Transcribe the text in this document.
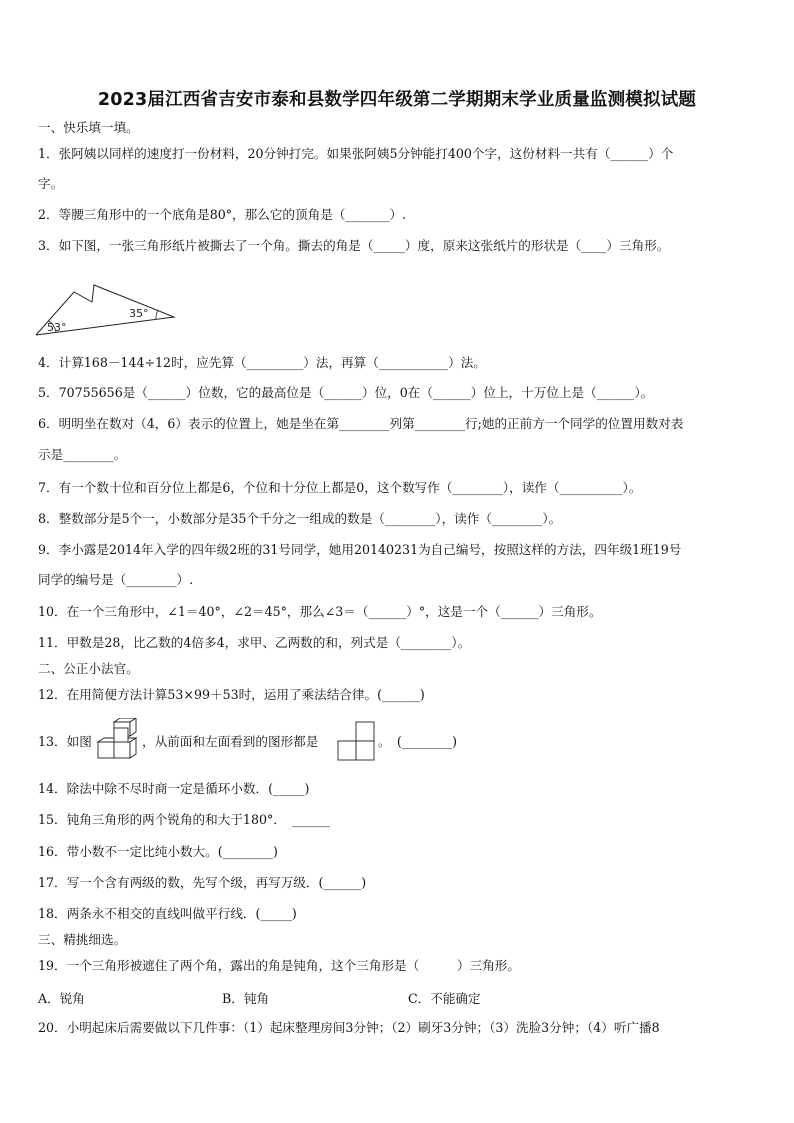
2023届江西省吉安市泰和县数学四年级第二学期期末学业质量监测模拟试题
一、快乐填一填。
1．张阿姨以同样的速度打一份材料，20分钟打完。如果张阿姨5分钟能打400个字，这份材料一共有（______）个
字。
2．等腰三角形中的一个底角是80°，那么它的顶角是（_______）.
3．如下图，一张三角形纸片被撕去了一个角。撕去的角是（_____）度，原来这张纸片的形状是（____）三角形。
53°
35°
4．计算168－144÷12时，应先算（_________）法，再算（___________）法。
5．70755656是（______）位数，它的最高位是（______）位，0在（______）位上，十万位上是（______）。
6．明明坐在数对（4，6）表示的位置上，她是坐在第________列第________行;她的正前方一个同学的位置用数对表
示是________。
7．有一个数十位和百分位上都是6，个位和十分位上都是0，这个数写作（________），读作（__________）。
8．整数部分是5个一，小数部分是35个千分之一组成的数是（________），读作（________）。
9．李小露是2014年入学的四年级2班的31号同学，她用20140231为自己编号，按照这样的方法，四年级1班19号
同学的编号是（________）.
10．在一个三角形中，∠1＝40°，∠2＝45°，那么∠3＝（______）°，这是一个（______）三角形。
11．甲数是28，比乙数的4倍多4，求甲、乙两数的和，列式是（________）。
二、公正小法官。
12．在用简便方法计算53×99＋53时，运用了乘法结合律。(______)
13．如图	，从前面和左面看到的图形都是	。　(________)
14．除法中除不尽时商一定是循环小数．(_____)
15．钝角三角形的两个锐角的和大于180°．　______
16．带小数不一定比纯小数大。(________)
17．写一个含有两级的数，先写个级，再写万级．(______)
18．两条永不相交的直线叫做平行线．(_____)
三、精挑细选。
19．一个三角形被遮住了两个角，露出的角是钝角，这个三角形是（　　　）三角形。
A．锐角	B．钝角	C．不能确定
20．小明起床后需要做以下几件事：（1）起床整理房间3分钟；（2）刷牙3分钟；（3）洗脸3分钟；（4）听广播8
